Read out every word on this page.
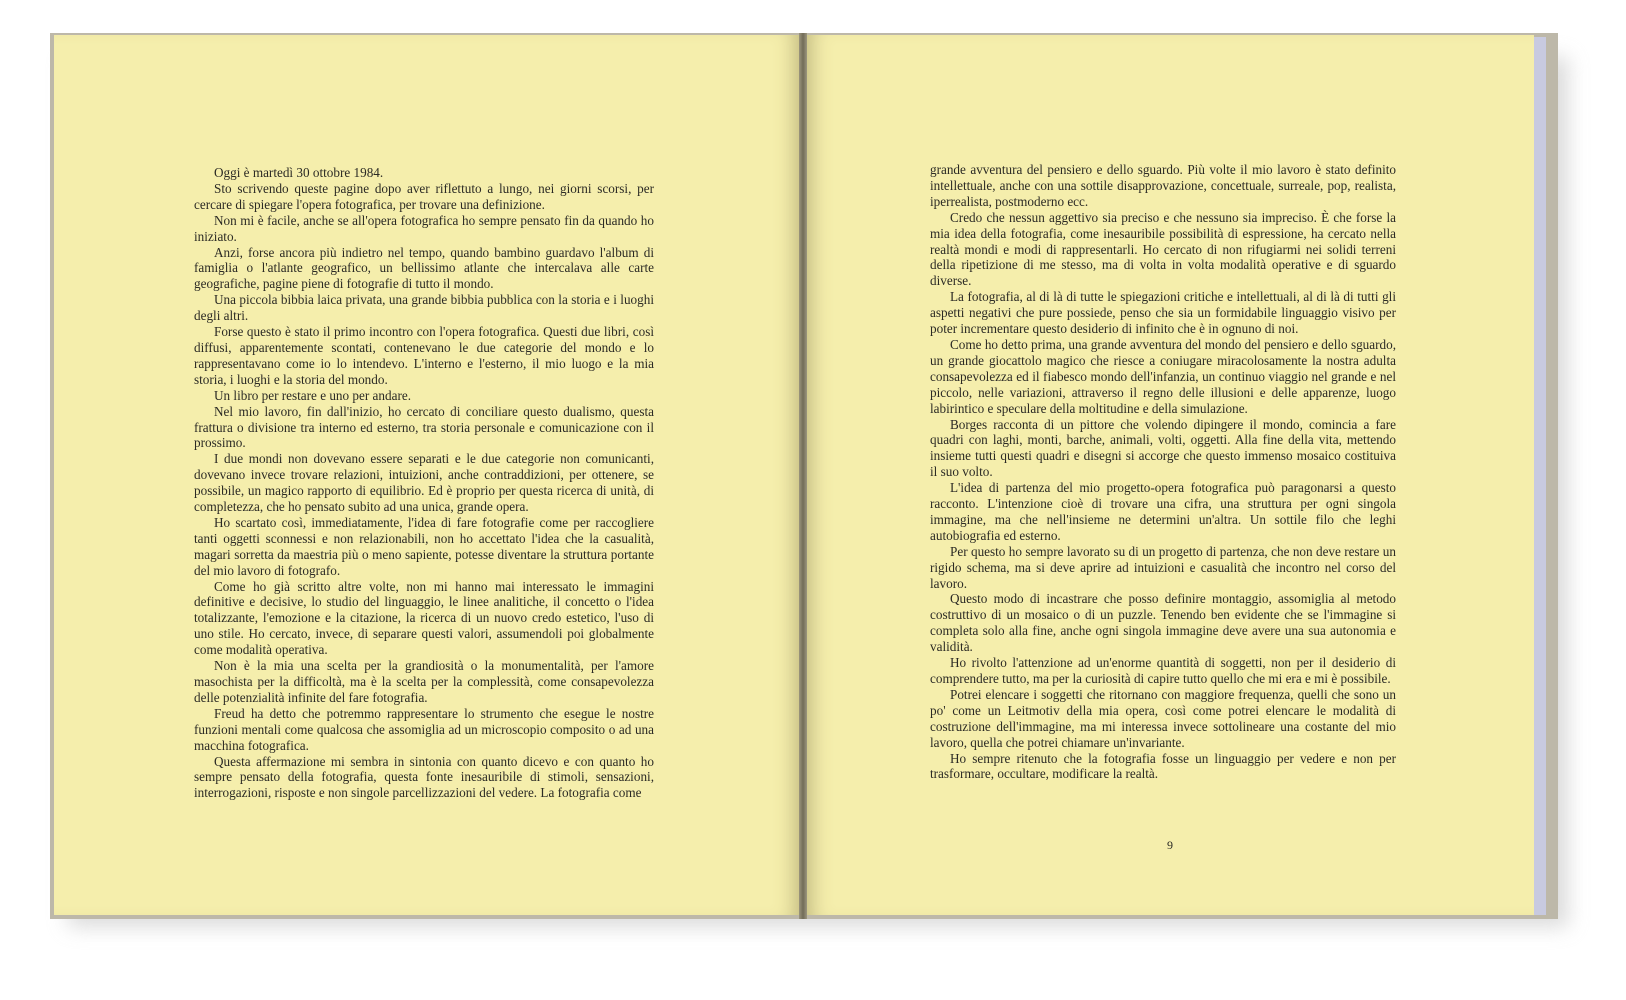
Oggi è martedì 30 ottobre 1984.

Sto scrivendo queste pagine dopo aver riflettuto a lungo, nei giorni scorsi, per cercare di spiegare l'opera fotografica, per trovare una definizione.

Non mi è facile, anche se all'opera fotografica ho sempre pensato fin da quando ho iniziato.

Anzi, forse ancora più indietro nel tempo, quando bambino guardavo l'album di famiglia o l'atlante geografico, un bellissimo atlante che intercalava alle carte geografiche, pagine piene di fotografie di tutto il mondo.

Una piccola bibbia laica privata, una grande bibbia pubblica con la storia e i luoghi degli altri.

Forse questo è stato il primo incontro con l'opera fotografica. Questi due libri, così diffusi, apparentemente scontati, contenevano le due categorie del mondo e lo rappresentavano come io lo intendevo. L'interno e l'esterno, il mio luogo e la mia storia, i luoghi e la storia del mondo.

Un libro per restare e uno per andare.

Nel mio lavoro, fin dall'inizio, ho cercato di conciliare questo dualismo, questa frattura o divisione tra interno ed esterno, tra storia personale e comunicazione con il prossimo.

I due mondi non dovevano essere separati e le due categorie non comunicanti, dovevano invece trovare relazioni, intuizioni, anche contraddizioni, per ottenere, se possibile, un magico rapporto di equilibrio. Ed è proprio per questa ricerca di unità, di completezza, che ho pensato subito ad una unica, grande opera.

Ho scartato così, immediatamente, l'idea di fare fotografie come per raccogliere tanti oggetti sconnessi e non relazionabili, non ho accettato l'idea che la casualità, magari sorretta da maestria più o meno sapiente, potesse diventare la struttura portante del mio lavoro di fotografo.

Come ho già scritto altre volte, non mi hanno mai interessato le immagini definitive e decisive, lo studio del linguaggio, le linee analitiche, il concetto o l'idea totalizzante, l'emozione e la citazione, la ricerca di un nuovo credo estetico, l'uso di uno stile. Ho cercato, invece, di separare questi valori, assumendoli poi globalmente come modalità operativa.

Non è la mia una scelta per la grandiosità o la monumentalità, per l'amore masochista per la difficoltà, ma è la scelta per la complessità, come consapevolezza delle potenzialità infinite del fare fotografia.

Freud ha detto che potremmo rappresentare lo strumento che esegue le nostre funzioni mentali come qualcosa che assomiglia ad un microscopio composito o ad una macchina fotografica.

Questa affermazione mi sembra in sintonia con quanto dicevo e con quanto ho sempre pensato della fotografia, questa fonte inesauribile di stimoli, sensazioni, interrogazioni, risposte e non singole parcellizzazioni del vedere. La fotografia come

grande avventura del pensiero e dello sguardo. Più volte il mio lavoro è stato definito intellettuale, anche con una sottile disapprovazione, concettuale, surreale, pop, realista, iperrealista, postmoderno ecc.

Credo che nessun aggettivo sia preciso e che nessuno sia impreciso. È che forse la mia idea della fotografia, come inesauribile possibilità di espressione, ha cercato nella realtà mondi e modi di rappresentarli. Ho cercato di non rifugiarmi nei solidi terreni della ripetizione di me stesso, ma di volta in volta modalità operative e di sguardo diverse.

La fotografia, al di là di tutte le spiegazioni critiche e intellettuali, al di là di tutti gli aspetti negativi che pure possiede, penso che sia un formidabile linguaggio visivo per poter incrementare questo desiderio di infinito che è in ognuno di noi.

Come ho detto prima, una grande avventura del mondo del pensiero e dello sguardo, un grande giocattolo magico che riesce a coniugare miracolosamente la nostra adulta consapevolezza ed il fiabesco mondo dell'infanzia, un continuo viaggio nel grande e nel piccolo, nelle variazioni, attraverso il regno delle illusioni e delle apparenze, luogo labirintico e speculare della moltitudine e della simulazione.

Borges racconta di un pittore che volendo dipingere il mondo, comincia a fare quadri con laghi, monti, barche, animali, volti, oggetti. Alla fine della vita, mettendo insieme tutti questi quadri e disegni si accorge che questo immenso mosaico costituiva il suo volto.

L'idea di partenza del mio progetto-opera fotografica può paragonarsi a questo racconto. L'intenzione cioè di trovare una cifra, una struttura per ogni singola immagine, ma che nell'insieme ne determini un'altra. Un sottile filo che leghi autobiografia ed esterno.

Per questo ho sempre lavorato su di un progetto di partenza, che non deve restare un rigido schema, ma si deve aprire ad intuizioni e casualità che incontro nel corso del lavoro.

Questo modo di incastrare che posso definire montaggio, assomiglia al metodo costruttivo di un mosaico o di un puzzle. Tenendo ben evidente che se l'immagine si completa solo alla fine, anche ogni singola immagine deve avere una sua autonomia e validità.

Ho rivolto l'attenzione ad un'enorme quantità di soggetti, non per il desiderio di comprendere tutto, ma per la curiosità di capire tutto quello che mi era e mi è possibile.

Potrei elencare i soggetti che ritornano con maggiore frequenza, quelli che sono un po' come un Leitmotiv della mia opera, così come potrei elencare le modalità di costruzione dell'immagine, ma mi interessa invece sottolineare una costante del mio lavoro, quella che potrei chiamare un'invariante.

Ho sempre ritenuto che la fotografia fosse un linguaggio per vedere e non per trasformare, occultare, modificare la realtà.

9
